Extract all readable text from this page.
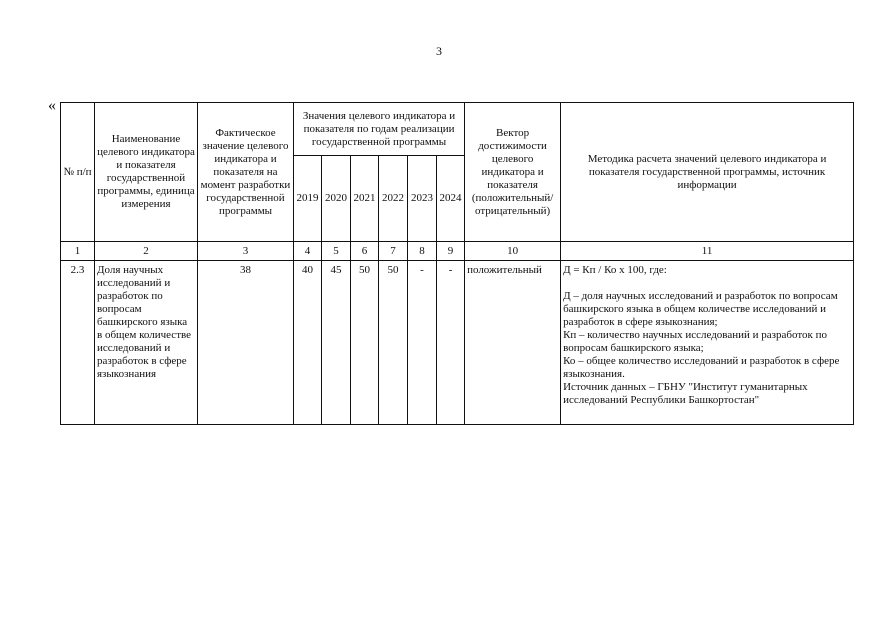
3
«
№ п/п	Наименование целевого индикатора и показателя государственной программы, единица измерения	Фактическое значение целевого индикатора и показателя на момент разработки государственной программы	Значения целевого индикатора и показателя по годам реализации государственной программы						Вектор достижимости целевого индикатора и показателя (положительный/ отрицательный)	Методика расчета значений целевого индикатора и показателя государственной программы, источник информации
			2019	2020	2021	2022	2023	2024		
1	2	3	4	5	6	7	8	9	10	11
2.3	Доля научных исследований и разработок по вопросам башкирского языка в общем количестве исследований и разработок в сфере языкознания	38	40	45	50	50	-	-	положительный	Д = Кп / Ко х 100, где:

Д – доля научных исследований и разработок по вопросам башкирского языка в общем количестве исследований и разработок в сфере языкознания;

Кп – количество научных исследований и разработок по вопросам башкирского языка;

Ко – общее количество исследований и разработок в сфере языкознания.

Источник данных – ГБНУ "Институт гуманитарных исследований Республики Башкортостан"
